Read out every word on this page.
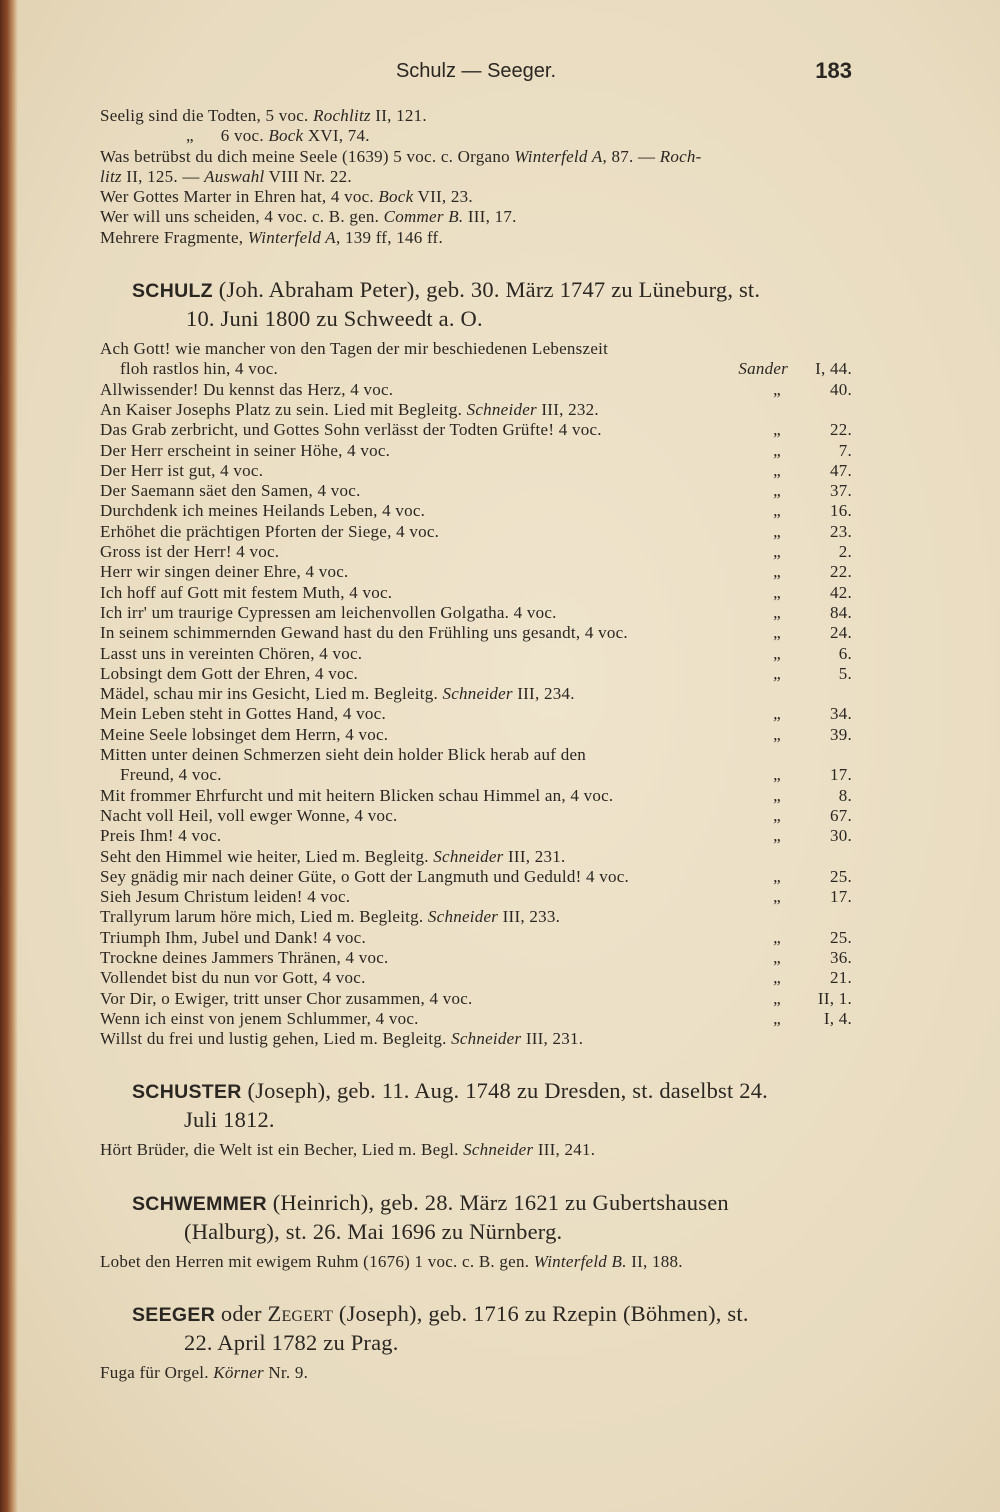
Schulz — Seeger.	183
Seelig sind die Todten, 5 voc. Rochlitz II, 121.
„      6 voc. Bock XVI, 74.
Was betrübst du dich meine Seele (1639) 5 voc. c. Organo Winterfeld A, 87. — Roch-
litz II, 125. — Auswahl VIII Nr. 22.
Wer Gottes Marter in Ehren hat, 4 voc. Bock VII, 23.
Wer will uns scheiden, 4 voc. c. B. gen. Commer B. III, 17.
Mehrere Fragmente, Winterfeld A, 139 ff, 146 ff.
SCHULZ (Joh. Abraham Peter), geb. 30. März 1747 zu Lüneburg, st.
10. Juni 1800 zu Schweedt a. O.
Ach Gott! wie mancher von den Tagen der mir beschiedenen Lebenszeit
floh rastlos hin, 4 voc.	Sander	I, 44.
Allwissender! Du kennst das Herz, 4 voc.	„	40.
An Kaiser Josephs Platz zu sein. Lied mit Begleitg. Schneider III, 232.
Das Grab zerbricht, und Gottes Sohn verlässt der Todten Grüfte! 4 voc.	„	22.
Der Herr erscheint in seiner Höhe, 4 voc.	„	7.
Der Herr ist gut, 4 voc.	„	47.
Der Saemann säet den Samen, 4 voc.	„	37.
Durchdenk ich meines Heilands Leben, 4 voc.	„	16.
Erhöhet die prächtigen Pforten der Siege, 4 voc.	„	23.
Gross ist der Herr! 4 voc.	„	2.
Herr wir singen deiner Ehre, 4 voc.	„	22.
Ich hoff auf Gott mit festem Muth, 4 voc.	„	42.
Ich irr' um traurige Cypressen am leichenvollen Golgatha. 4 voc.	„	84.
In seinem schimmernden Gewand hast du den Frühling uns gesandt, 4 voc.	„	24.
Lasst uns in vereinten Chören, 4 voc.	„	6.
Lobsingt dem Gott der Ehren, 4 voc.	„	5.
Mädel, schau mir ins Gesicht, Lied m. Begleitg. Schneider III, 234.
Mein Leben steht in Gottes Hand, 4 voc.	„	34.
Meine Seele lobsinget dem Herrn, 4 voc.	„	39.
Mitten unter deinen Schmerzen sieht dein holder Blick herab auf den
Freund, 4 voc.	„	17.
Mit frommer Ehrfurcht und mit heitern Blicken schau Himmel an, 4 voc.	„	8.
Nacht voll Heil, voll ewger Wonne, 4 voc.	„	67.
Preis Ihm! 4 voc.	„	30.
Seht den Himmel wie heiter, Lied m. Begleitg. Schneider III, 231.
Sey gnädig mir nach deiner Güte, o Gott der Langmuth und Geduld! 4 voc.	„	25.
Sieh Jesum Christum leiden! 4 voc.	„	17.
Trallyrum larum höre mich, Lied m. Begleitg. Schneider III, 233.
Triumph Ihm, Jubel und Dank! 4 voc.	„	25.
Trockne deines Jammers Thränen, 4 voc.	„	36.
Vollendet bist du nun vor Gott, 4 voc.	„	21.
Vor Dir, o Ewiger, tritt unser Chor zusammen, 4 voc.	„	II, 1.
Wenn ich einst von jenem Schlummer, 4 voc.	„	I, 4.
Willst du frei und lustig gehen, Lied m. Begleitg. Schneider III, 231.
SCHUSTER (Joseph), geb. 11. Aug. 1748 zu Dresden, st. daselbst 24.
Juli 1812.
Hört Brüder, die Welt ist ein Becher, Lied m. Begl. Schneider III, 241.
SCHWEMMER (Heinrich), geb. 28. März 1621 zu Gubertshausen
(Halburg), st. 26. Mai 1696 zu Nürnberg.
Lobet den Herren mit ewigem Ruhm (1676) 1 voc. c. B. gen. Winterfeld B. II, 188.
SEEGER oder Zegert (Joseph), geb. 1716 zu Rzepin (Böhmen), st.
22. April 1782 zu Prag.
Fuga für Orgel. Körner Nr. 9.
